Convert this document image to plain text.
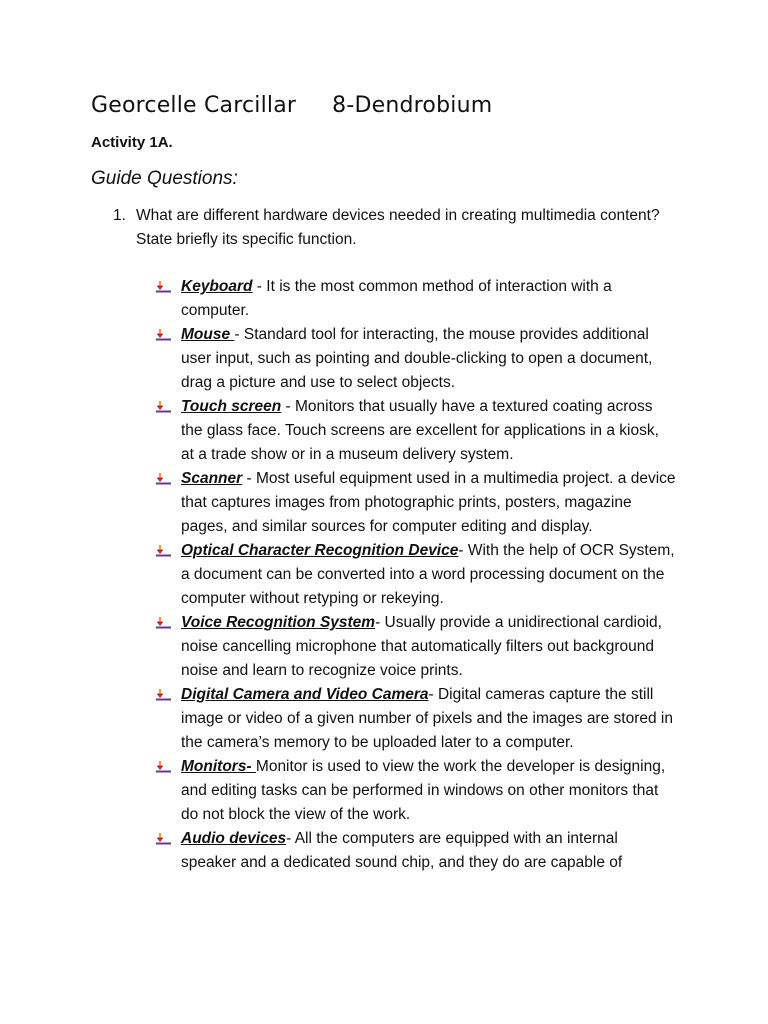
Georcelle Carcillar 8-Dendrobium
Activity 1A.
Guide Questions:
1. What are different hardware devices needed in creating multimedia content? State briefly its specific function.
Keyboard - It is the most common method of interaction with a computer.
Mouse - Standard tool for interacting, the mouse provides additional user input, such as pointing and double-clicking to open a document, drag a picture and use to select objects.
Touch screen - Monitors that usually have a textured coating across the glass face. Touch screens are excellent for applications in a kiosk, at a trade show or in a museum delivery system.
Scanner - Most useful equipment used in a multimedia project. a device that captures images from photographic prints, posters, magazine pages, and similar sources for computer editing and display.
Optical Character Recognition Device- With the help of OCR System, a document can be converted into a word processing document on the computer without retyping or rekeying.
Voice Recognition System- Usually provide a unidirectional cardioid, noise cancelling microphone that automatically filters out background noise and learn to recognize voice prints.
Digital Camera and Video Camera- Digital cameras capture the still image or video of a given number of pixels and the images are stored in the camera’s memory to be uploaded later to a computer.
Monitors- Monitor is used to view the work the developer is designing, and editing tasks can be performed in windows on other monitors that do not block the view of the work.
Audio devices- All the computers are equipped with an internal speaker and a dedicated sound chip, and they do are capable of
